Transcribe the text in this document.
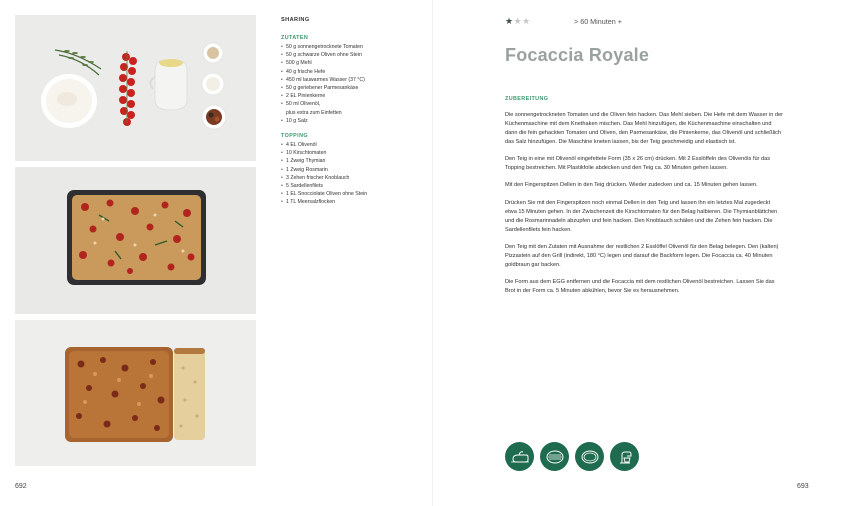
692
SHARING
ZUTATEN
• 50 g sonnengetrocknete Tomaten
• 50 g schwarze Oliven ohne Stein
• 500 g Mehl
• 40 g frische Hefe
• 450 ml lauwarmes Wasser (37 °C)
• 50 g geriebener Parmesankäse
• 2 EL Pinienkerne
• 50 ml Olivenöl,
plus extra zum Einfetten
• 10 g Salz
TOPPING
• 4 EL Olivenöl
• 10 Kirschtomaten
• 1 Zweig Thymian
• 1 Zweig Rosmarin
• 3 Zehen frischer Knoblauch
• 5 Sardellenfilets
• 1 EL Snocciolate Oliven ohne Stein
• 1 TL Meersalzflocken
★★★	> 60 Minuten +
Focaccia Royale
ZUBEREITUNG

Die sonnengetrockneten Tomaten und die Oliven fein hacken. Das Mehl sieben. Die Hefe mit dem Wasser in der Küchenmaschine mit dem Knethaken mischen. Das Mehl hinzufügen, die Küchenmaschine einschalten und dann die fein gehackten Tomaten und Oliven, den Parmesankäse, die Pinienkerne, das Olivenöl und schließlich das Salz hinzufügen. Die Maschine kneten lassen, bis der Teig geschmeidig und elastisch ist.

Den Teig in eine mit Olivenöl eingefettete Form (35 x 26 cm) drücken. Mit 2 Esslöffeln des Olivenöls für das Topping bestreichen. Mit Plastikfolie abdecken und den Teig ca. 30 Minuten gehen lassen.

Mit den Fingerspitzen Dellen in den Teig drücken. Wieder zudecken und ca. 15 Minuten gehen lassen.

Drücken Sie mit den Fingerspitzen noch einmal Dellen in den Teig und lassen ihn ein letztes Mal zugedeckt etwa 15 Minuten gehen. In der Zwischenzeit die Kirschtomaten für den Belag halbieren. Die Thymianblättchen und die Rosmarinnadeln abzupfen und fein hacken. Den Knoblauch schälen und die Zehen fein hacken. Die Sardellenfilets fein hacken.

Den Teig mit den Zutaten mit Ausnahme der restlichen 2 Esslöffel Olivenöl für den Belag belegen. Den (kalten) Pizzastein auf den Grill (indirekt, 180 °C) legen und darauf die Backform legen. Die Focaccia ca. 40 Minuten goldbraun gar backen.

Die Form aus dem EGG entfernen und die Focaccia mit dem restlichen Olivenöl bestreichen. Lassen Sie das Brot in der Form ca. 5 Minuten abkühlen, bevor Sie es herausnehmen.

693
